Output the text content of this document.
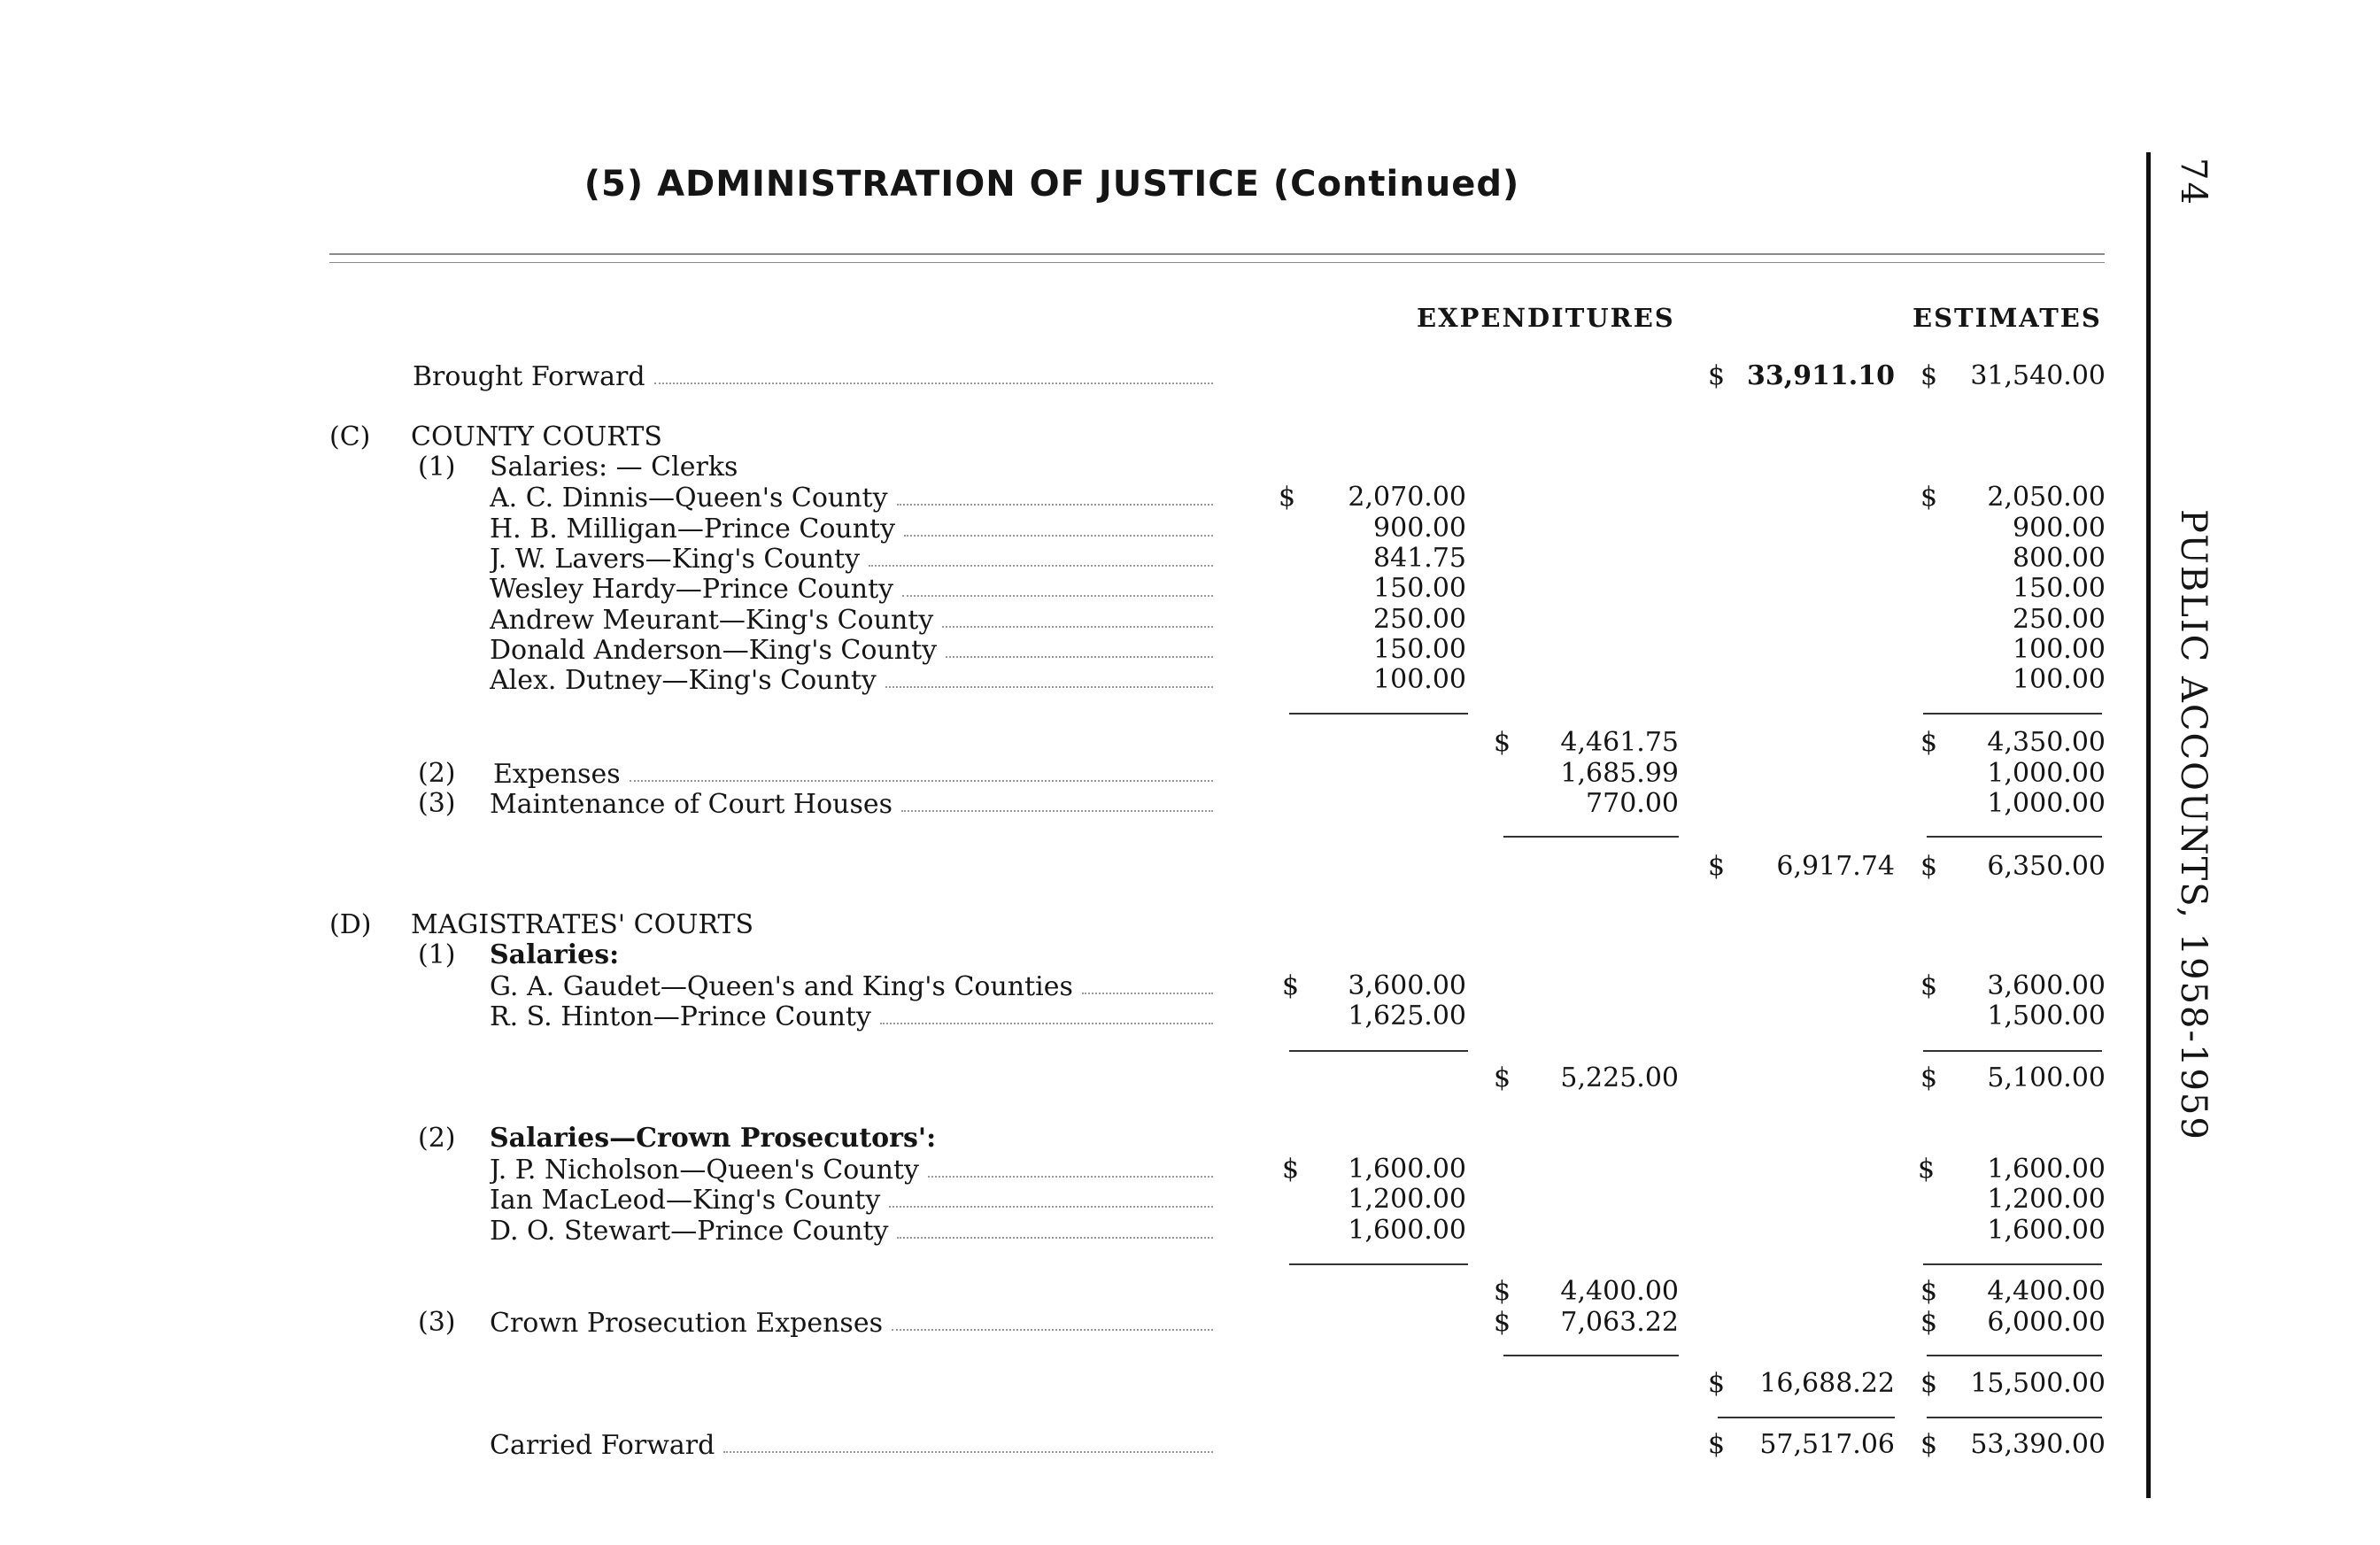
(5) ADMINISTRATION OF JUSTICE (Continued)	74
PUBLIC ACCOUNTS, 1958-1959
EXPENDITURES	ESTIMATES
Brought Forward	$ 33,911.10 $ 31,540.00
(C) COUNTY COURTS
(1) Salaries: — Clerks
A. C. Dinnis—Queen's County	$ 2,070.00	$ 2,050.00
H. B. Milligan—Prince County	900.00	900.00
J. W. Lavers—King's County	841.75	800.00
Wesley Hardy—Prince County	150.00	150.00
Andrew Meurant—King's County	250.00	250.00
Donald Anderson—King's County	150.00	100.00
Alex. Dutney—King's County	100.00	100.00
$ 4,461.75	$ 4,350.00
(2) Expenses	1,685.99	1,000.00
(3) Maintenance of Court Houses	770.00	1,000.00
$ 6,917.74 $ 6,350.00
(D) MAGISTRATES' COURTS
(1) Salaries:
G. A. Gaudet—Queen's and King's Counties	$ 3,600.00	$ 3,600.00
R. S. Hinton—Prince County	1,625.00	1,500.00
$ 5,225.00	$ 5,100.00
(2) Salaries—Crown Prosecutors':
J. P. Nicholson—Queen's County	$ 1,600.00	$ 1,600.00
Ian MacLeod—King's County	1,200.00	1,200.00
D. O. Stewart—Prince County	1,600.00	1,600.00
$ 4,400.00	$ 4,400.00
(3) Crown Prosecution Expenses	$ 7,063.22	$ 6,000.00
$ 16,688.22 $ 15,500.00
Carried Forward	$ 57,517.06 $ 53,390.00
